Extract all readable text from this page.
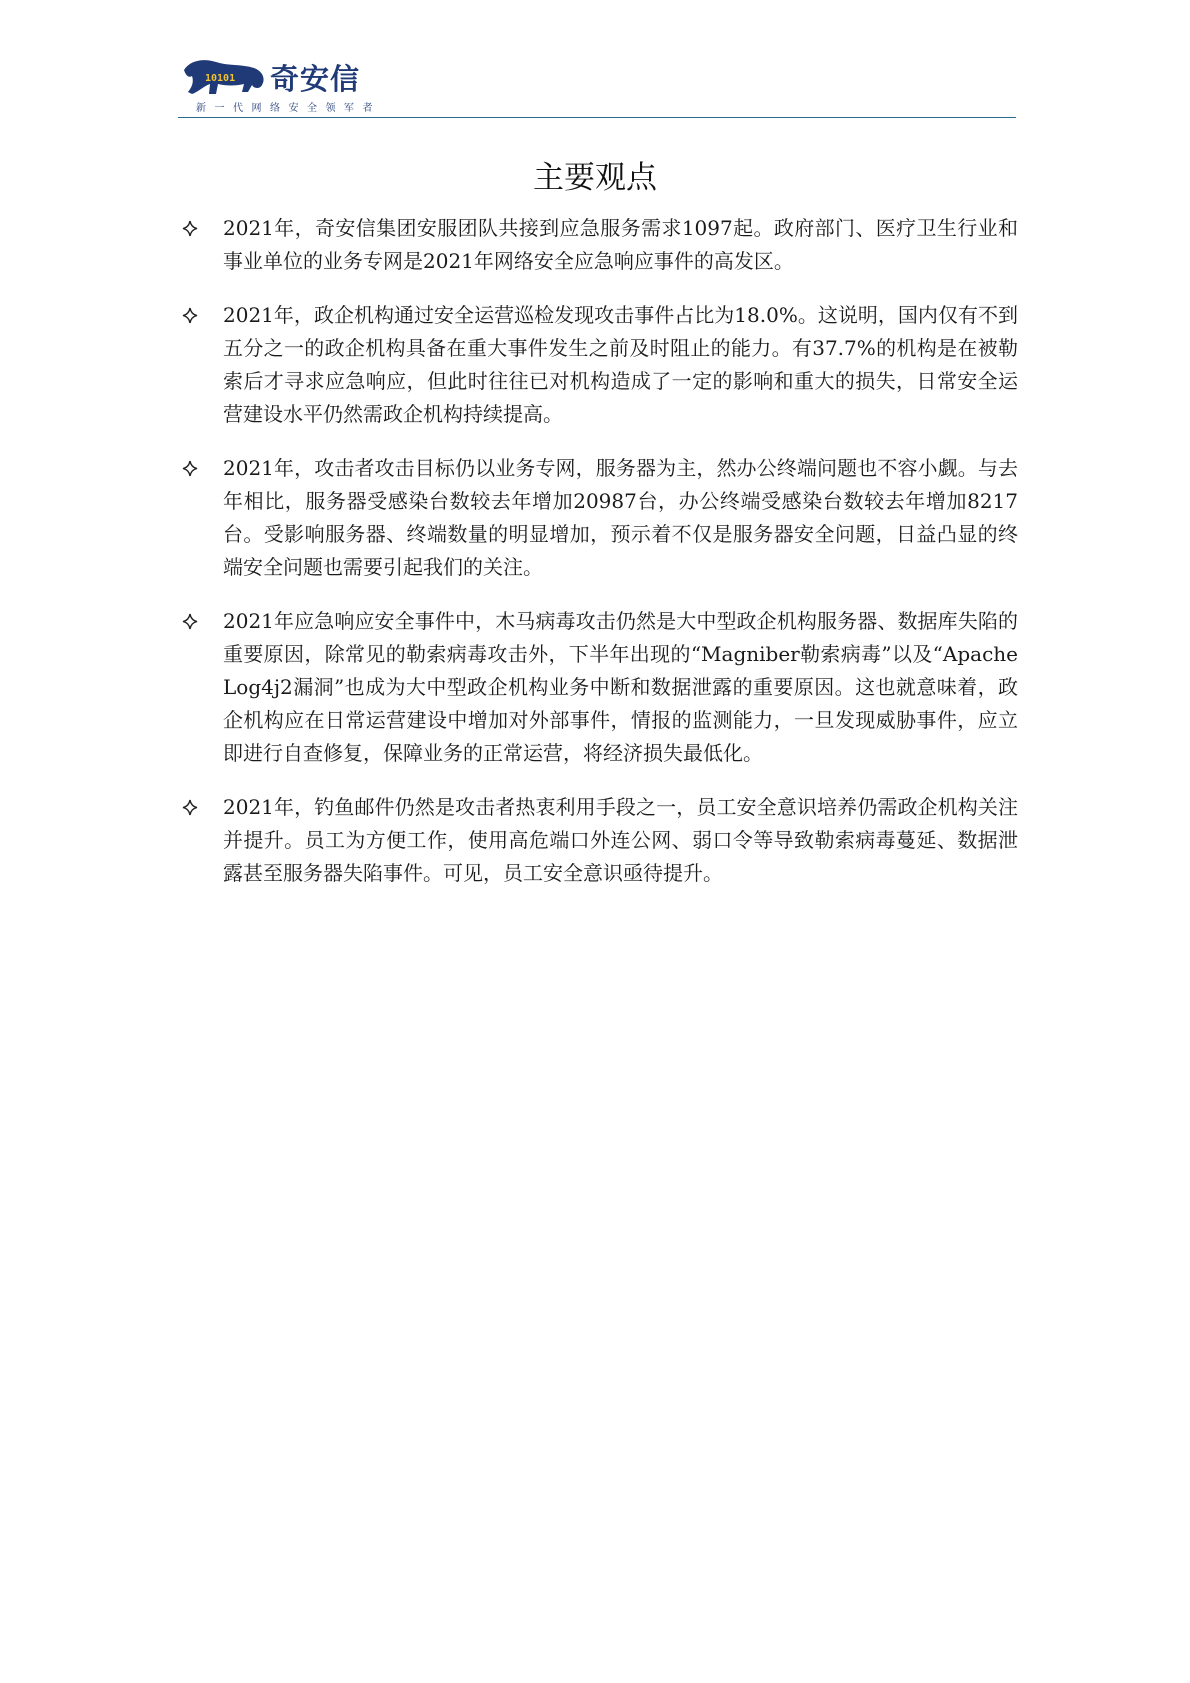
10101 奇安信
新一代网络安全领军者
主要观点
2021年，奇安信集团安服团队共接到应急服务需求1097起。政府部门、医疗卫生行业和事业单位的业务专网是2021年网络安全应急响应事件的高发区。
2021年，政企机构通过安全运营巡检发现攻击事件占比为18.0%。这说明，国内仅有不到五分之一的政企机构具备在重大事件发生之前及时阻止的能力。有37.7%的机构是在被勒索后才寻求应急响应，但此时往往已对机构造成了一定的影响和重大的损失，日常安全运营建设水平仍然需政企机构持续提高。
2021年，攻击者攻击目标仍以业务专网，服务器为主，然办公终端问题也不容小觑。与去年相比，服务器受感染台数较去年增加20987台，办公终端受感染台数较去年增加8217台。受影响服务器、终端数量的明显增加，预示着不仅是服务器安全问题，日益凸显的终端安全问题也需要引起我们的关注。
2021年应急响应安全事件中，木马病毒攻击仍然是大中型政企机构服务器、数据库失陷的重要原因，除常见的勒索病毒攻击外，下半年出现的“Magniber勒索病毒”以及“Apache Log4j2漏洞”也成为大中型政企机构业务中断和数据泄露的重要原因。这也就意味着，政企机构应在日常运营建设中增加对外部事件，情报的监测能力，一旦发现威胁事件，应立即进行自查修复，保障业务的正常运营，将经济损失最低化。
2021年，钓鱼邮件仍然是攻击者热衷利用手段之一，员工安全意识培养仍需政企机构关注并提升。员工为方便工作，使用高危端口外连公网、弱口令等导致勒索病毒蔓延、数据泄露甚至服务器失陷事件。可见，员工安全意识亟待提升。
